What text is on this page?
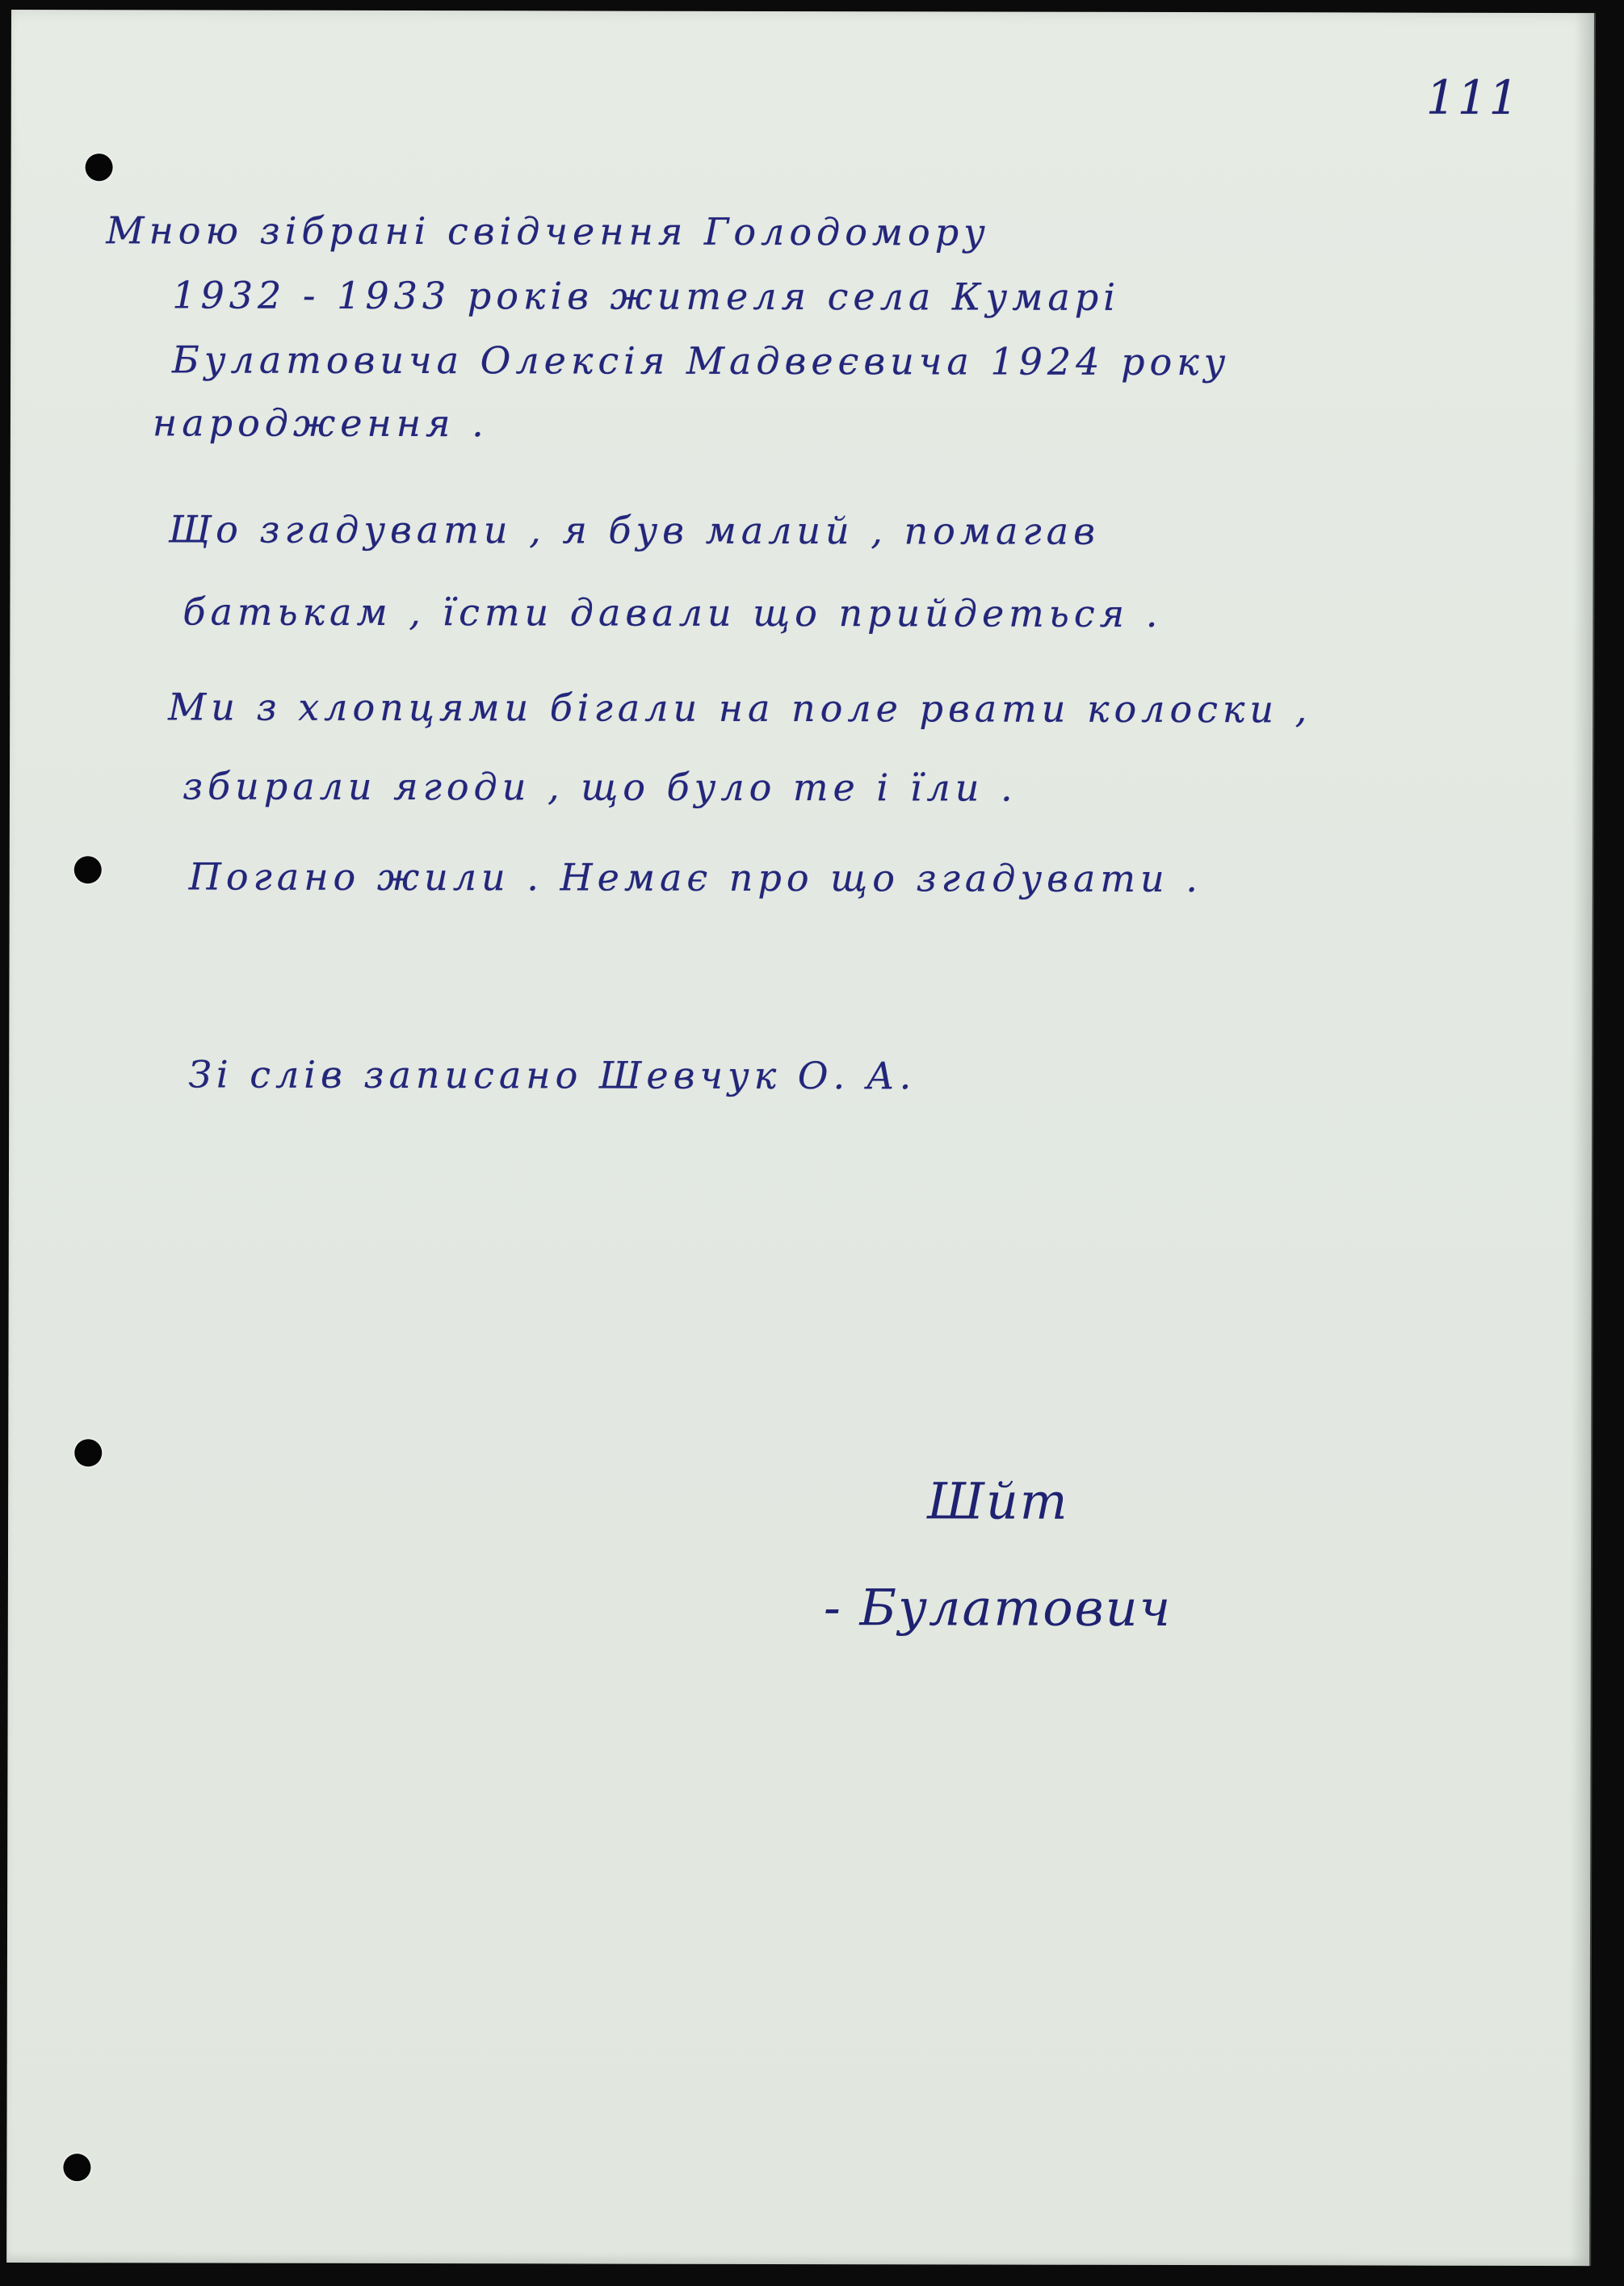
111
Мною зібрані свідчення Голодомору
1932 - 1933 років жителя села Кумарі
Булатовича Олексія Мадвеєвича 1924 року
народження .
Що згадувати , я був малий , помагав
батькам , їсти давали що прийдеться .
Ми з хлопцями бігали на поле рвати колоски ,
збирали ягоди , що було те і їли .
Погано жили . Немає про що згадувати .
Зі слів записано Шевчук О. А.
Шйт
- Булатович
